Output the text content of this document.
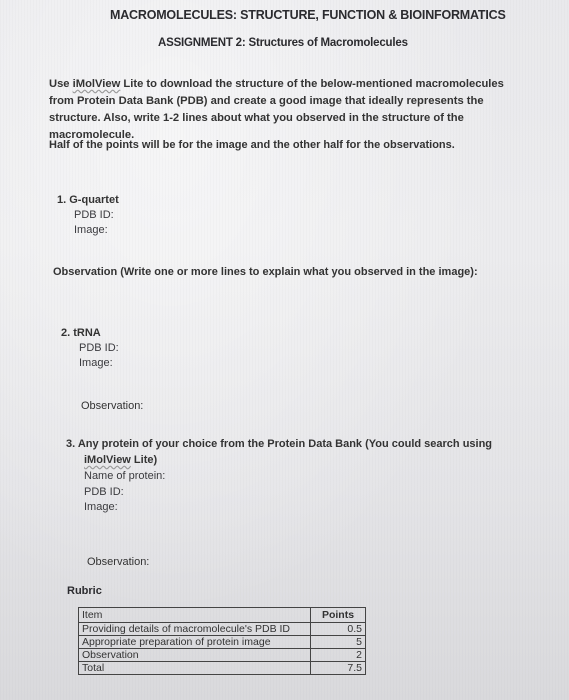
MACROMOLECULES: STRUCTURE, FUNCTION & BIOINFORMATICS
ASSIGNMENT 2: Structures of Macromolecules
Use iMolView Lite to download the structure of the below-mentioned macromolecules from Protein Data Bank (PDB) and create a good image that ideally represents the structure. Also, write 1-2 lines about what you observed in the structure of the macromolecule.
Half of the points will be for the image and the other half for the observations.
1. G-quartet
PDB ID:
Image:
Observation (Write one or more lines to explain what you observed in the image):
2. tRNA
PDB ID:
Image:
Observation:
3. Any protein of your choice from the Protein Data Bank (You could search using
iMolView Lite)
Name of protein:
PDB ID:
Image:
Observation:
Rubric
Item	Points
Providing details of macromolecule's PDB ID	0.5
Appropriate preparation of protein image	5
Observation	2
Total	7.5
